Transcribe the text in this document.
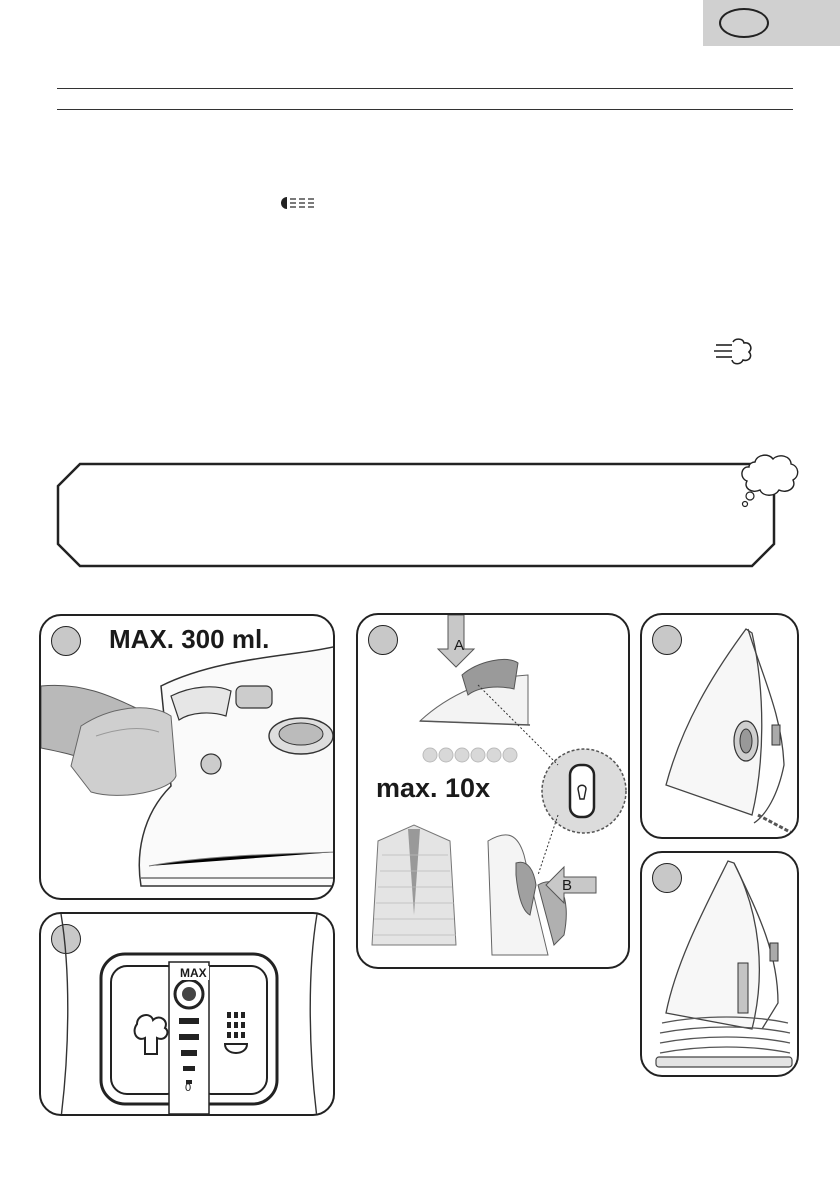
MAX. 300 ml.
MAX
0
A
max. 10x
B
